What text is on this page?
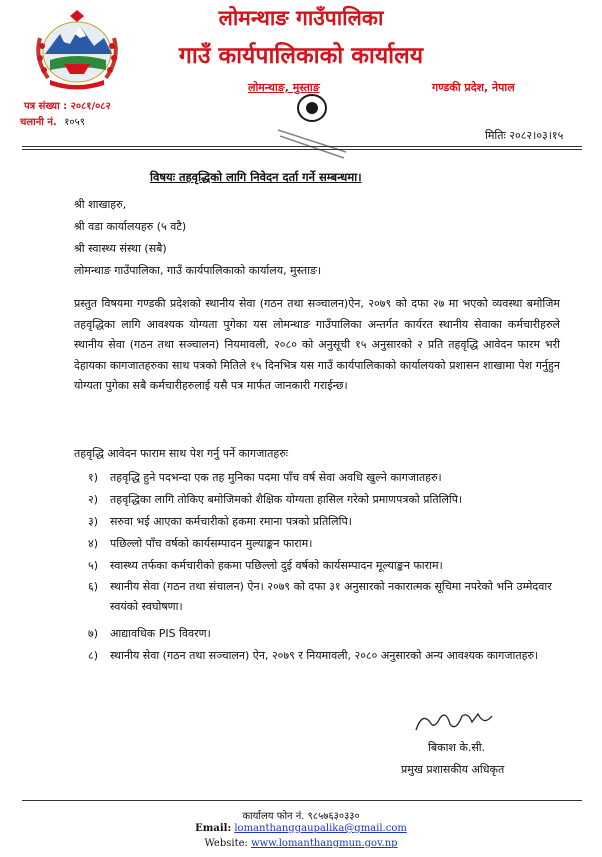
लोमन्थाङ गाउँपालिका
गाउँ कार्यपालिकाको कार्यालय
लोमन्थाङ, मुस्ताङ	गण्डकी प्रदेश, नेपाल
पत्र संख्या : २०८१/०८२
चलानी नं. १०५९
मितिः २०८२।०३।१५
विषयः तहवृद्धिको लागि निवेदन दर्ता गर्ने सम्बन्धमा।
श्री शाखाहरु,
श्री वडा कार्यालयहरु (५ वटै)
श्री स्वास्थ्य संस्था (सबै)
लोमन्थाङ गाउँपालिका, गाउँ कार्यपालिकाको कार्यालय, मुस्ताङ।
प्रस्तुत विषयमा गण्डकी प्रदेशको स्थानीय सेवा (गठन तथा सञ्चालन)ऐन, २०७९ को दफा २७ मा भएको व्यवस्था बमोजिम तहवृद्धिका लागि आवश्यक योग्यता पुगेका यस लोमन्थाङ गाउँपालिका अन्तर्गत कार्यरत स्थानीय सेवाका कर्मचारीहरुले स्थानीय सेवा (गठन तथा सञ्चालन) नियमावली, २०८० को अनुसूची १५ अनुसारको २ प्रति तहवृद्धि आवेदन फारम भरी देहायका कागजातहरुका साथ पत्रको मितिले १५ दिनभित्र यस गाउँ कार्यपालिकाको कार्यालयको प्रशासन शाखामा पेश गर्नुहुन योग्यता पुगेका सबै कर्मचारीहरुलाई यसै पत्र मार्फत जानकारी गराईन्छ।
तहवृद्धि आवेदन फाराम साथ पेश गर्नु पर्ने कागजातहरुः
१) तहवृद्धि हुने पदभन्दा एक तह मुनिका पदमा पाँच वर्ष सेवा अवधि खुल्ने कागजातहरु।
२) तहवृद्धिका लागि तोकिए बमोजिमको शैक्षिक योग्यता हासिल गरेको प्रमाणपत्रको प्रतिलिपि।
३) सरुवा भई आएका कर्मचारीको हकमा रमाना पत्रको प्रतिलिपि।
४) पछिल्लो पाँच वर्षको कार्यसम्पादन मुल्याङ्कन फाराम।
५) स्वास्थ्य तर्फका कर्मचारीको हकमा पछिल्लो दुई वर्षको कार्यसम्पादन मूल्याङ्कन फाराम।
६) स्थानीय सेवा (गठन तथा संचालन) ऐन। २०७९ को दफा ३१ अनुसारको नकारात्मक सूचिमा नपरेको भनि उम्मेदवार स्वयंको स्वघोषणा।
७) आद्यावधिक PIS विवरण।
८) स्थानीय सेवा (गठन तथा सञ्चालन) ऐन, २०७९ र नियमावली, २०८० अनुसारको अन्य आवश्यक कागजातहरु।
बिकाश के.सी.
प्रमुख प्रशासकीय अधिकृत
कार्यालय फोन नं. ९८५७६३०३३०
Email: lomanthanggaupalika@gmail.com
Website: www.lomanthangmun.gov.np
